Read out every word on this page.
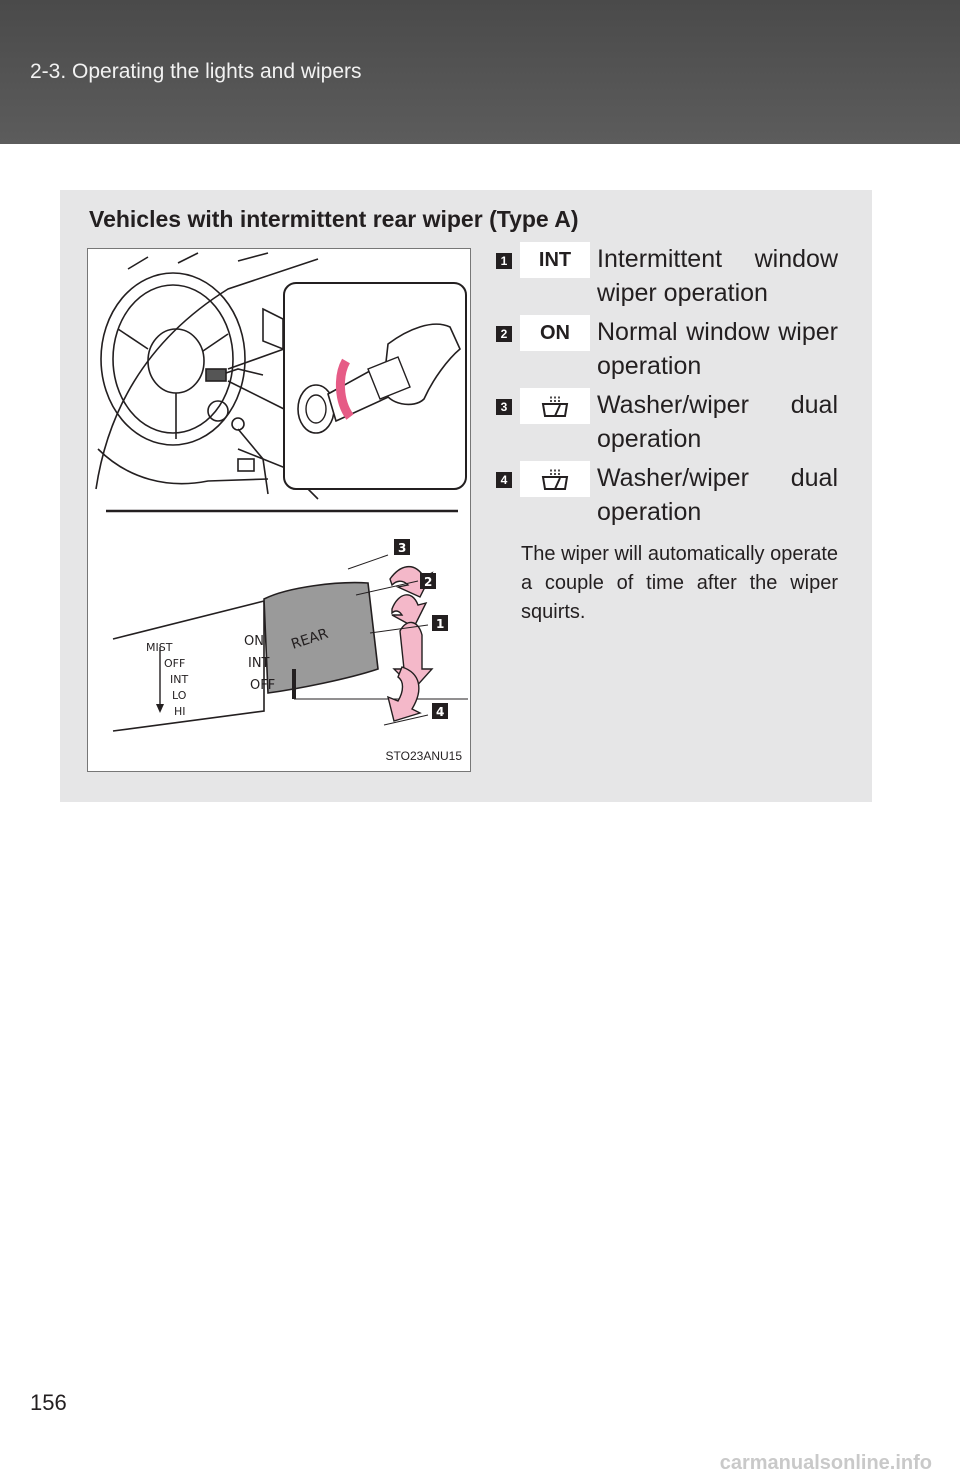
2-3. Operating the lights and wipers
Vehicles with intermittent rear wiper (Type A)
MIST
OFF
INT
LO
HI
ON
INT
OFF
REAR
3
2
1
4
STO23ANU15
1	INT	Intermittent window wiper operation
2	ON	Normal window wiper operation
3	Washer/wiper dual operation
4	Washer/wiper dual operation
The wiper will automatically operate a couple of time after the wiper squirts.
156
carmanualsonline.info
